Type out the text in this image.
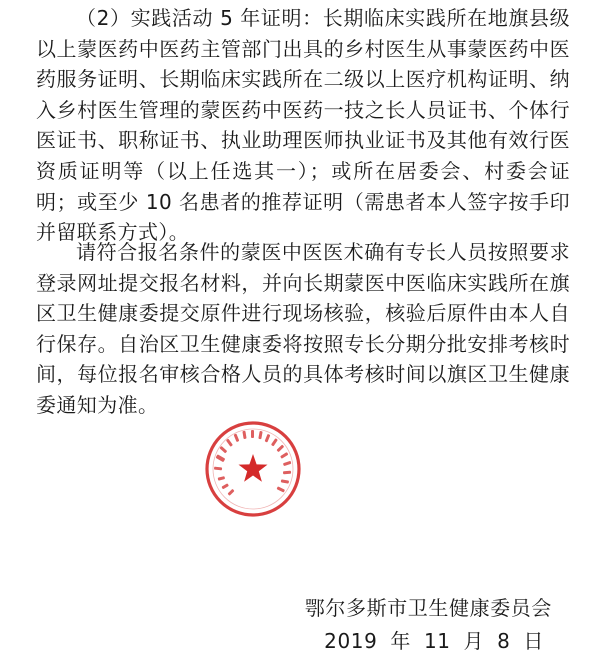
（2）实践活动 5 年证明：长期临床实践所在地旗县级以上蒙医药中医药主管部门出具的乡村医生从事蒙医药中医药服务证明、长期临床实践所在二级以上医疗机构证明、纳入乡村医生管理的蒙医药中医药一技之长人员证书、个体行医证书、职称证书、执业助理医师执业证书及其他有效行医资质证明等（以上任选其一）；或所在居委会、村委会证明；或至少 10 名患者的推荐证明（需患者本人签字按手印并留联系方式）。

请符合报名条件的蒙医中医医术确有专长人员按照要求登录网址提交报名材料，并向长期蒙医中医临床实践所在旗区卫生健康委提交原件进行现场核验，核验后原件由本人自行保存。自治区卫生健康委将按照专长分期分批安排考核时间，每位报名审核合格人员的具体考核时间以旗区卫生健康委通知为准。

鄂尔多斯市卫生健康委员会
2019 年 11 月 8 日
